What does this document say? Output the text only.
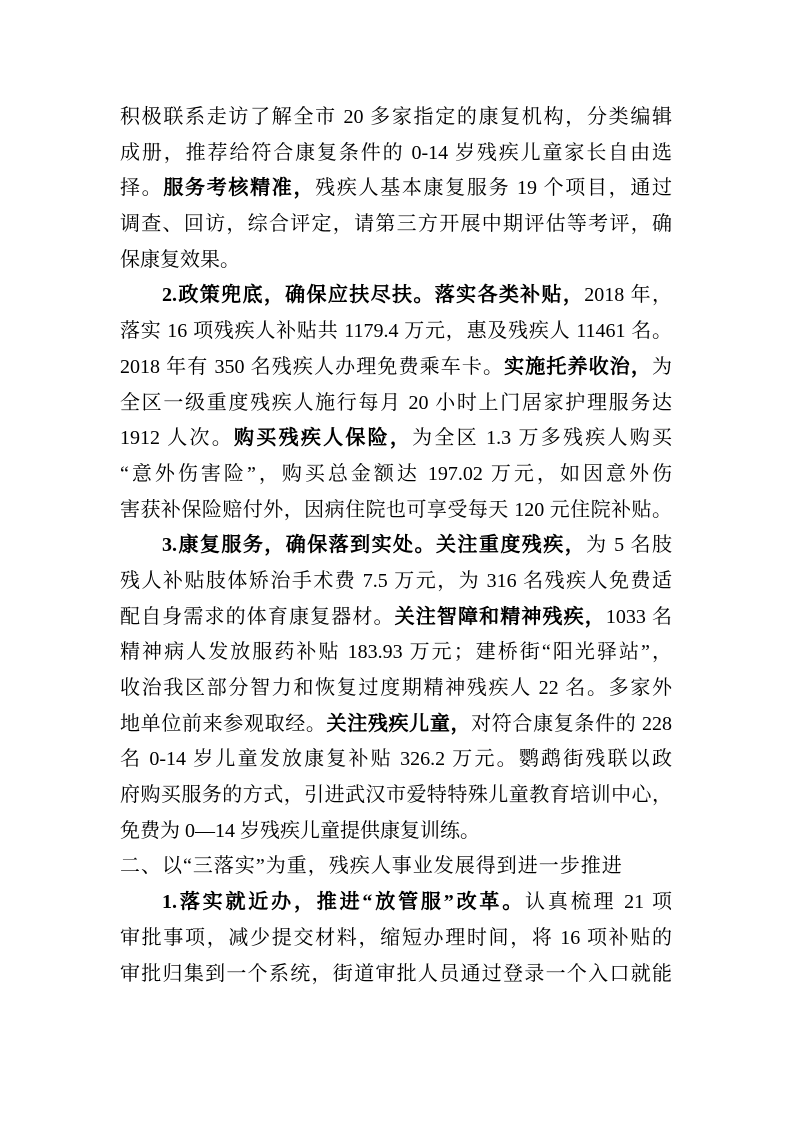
积极联系走访了解全市 20 多家指定的康复机构，分类编辑
成册，推荐给符合康复条件的 0-14 岁残疾儿童家长自由选
择。服务考核精准，残疾人基本康复服务 19 个项目，通过
调查、回访，综合评定，请第三方开展中期评估等考评，确
保康复效果。
2.政策兜底，确保应扶尽扶。落实各类补贴，2018 年，
落实 16 项残疾人补贴共 1179.4 万元，惠及残疾人 11461 名。
2018 年有 350 名残疾人办理免费乘车卡。实施托养收治，为
全区一级重度残疾人施行每月 20 小时上门居家护理服务达
1912 人次。购买残疾人保险，为全区 1.3 万多残疾人购买
“意外伤害险”，购买总金额达 197.02 万元，如因意外伤
害获补保险赔付外，因病住院也可享受每天 120 元住院补贴。
3.康复服务，确保落到实处。关注重度残疾，为 5 名肢
残人补贴肢体矫治手术费 7.5 万元，为 316 名残疾人免费适
配自身需求的体育康复器材。关注智障和精神残疾，1033 名
精神病人发放服药补贴 183.93 万元；建桥街“阳光驿站”，
收治我区部分智力和恢复过度期精神残疾人 22 名。多家外
地单位前来参观取经。关注残疾儿童，对符合康复条件的 228
名 0-14 岁儿童发放康复补贴 326.2 万元。鹦鹉街残联以政
府购买服务的方式，引进武汉市爱特特殊儿童教育培训中心，
免费为 0—14 岁残疾儿童提供康复训练。
二、以“三落实”为重，残疾人事业发展得到进一步推进
1.落实就近办，推进“放管服”改革。认真梳理 21 项
审批事项，减少提交材料，缩短办理时间，将 16 项补贴的
审批归集到一个系统，街道审批人员通过登录一个入口就能
